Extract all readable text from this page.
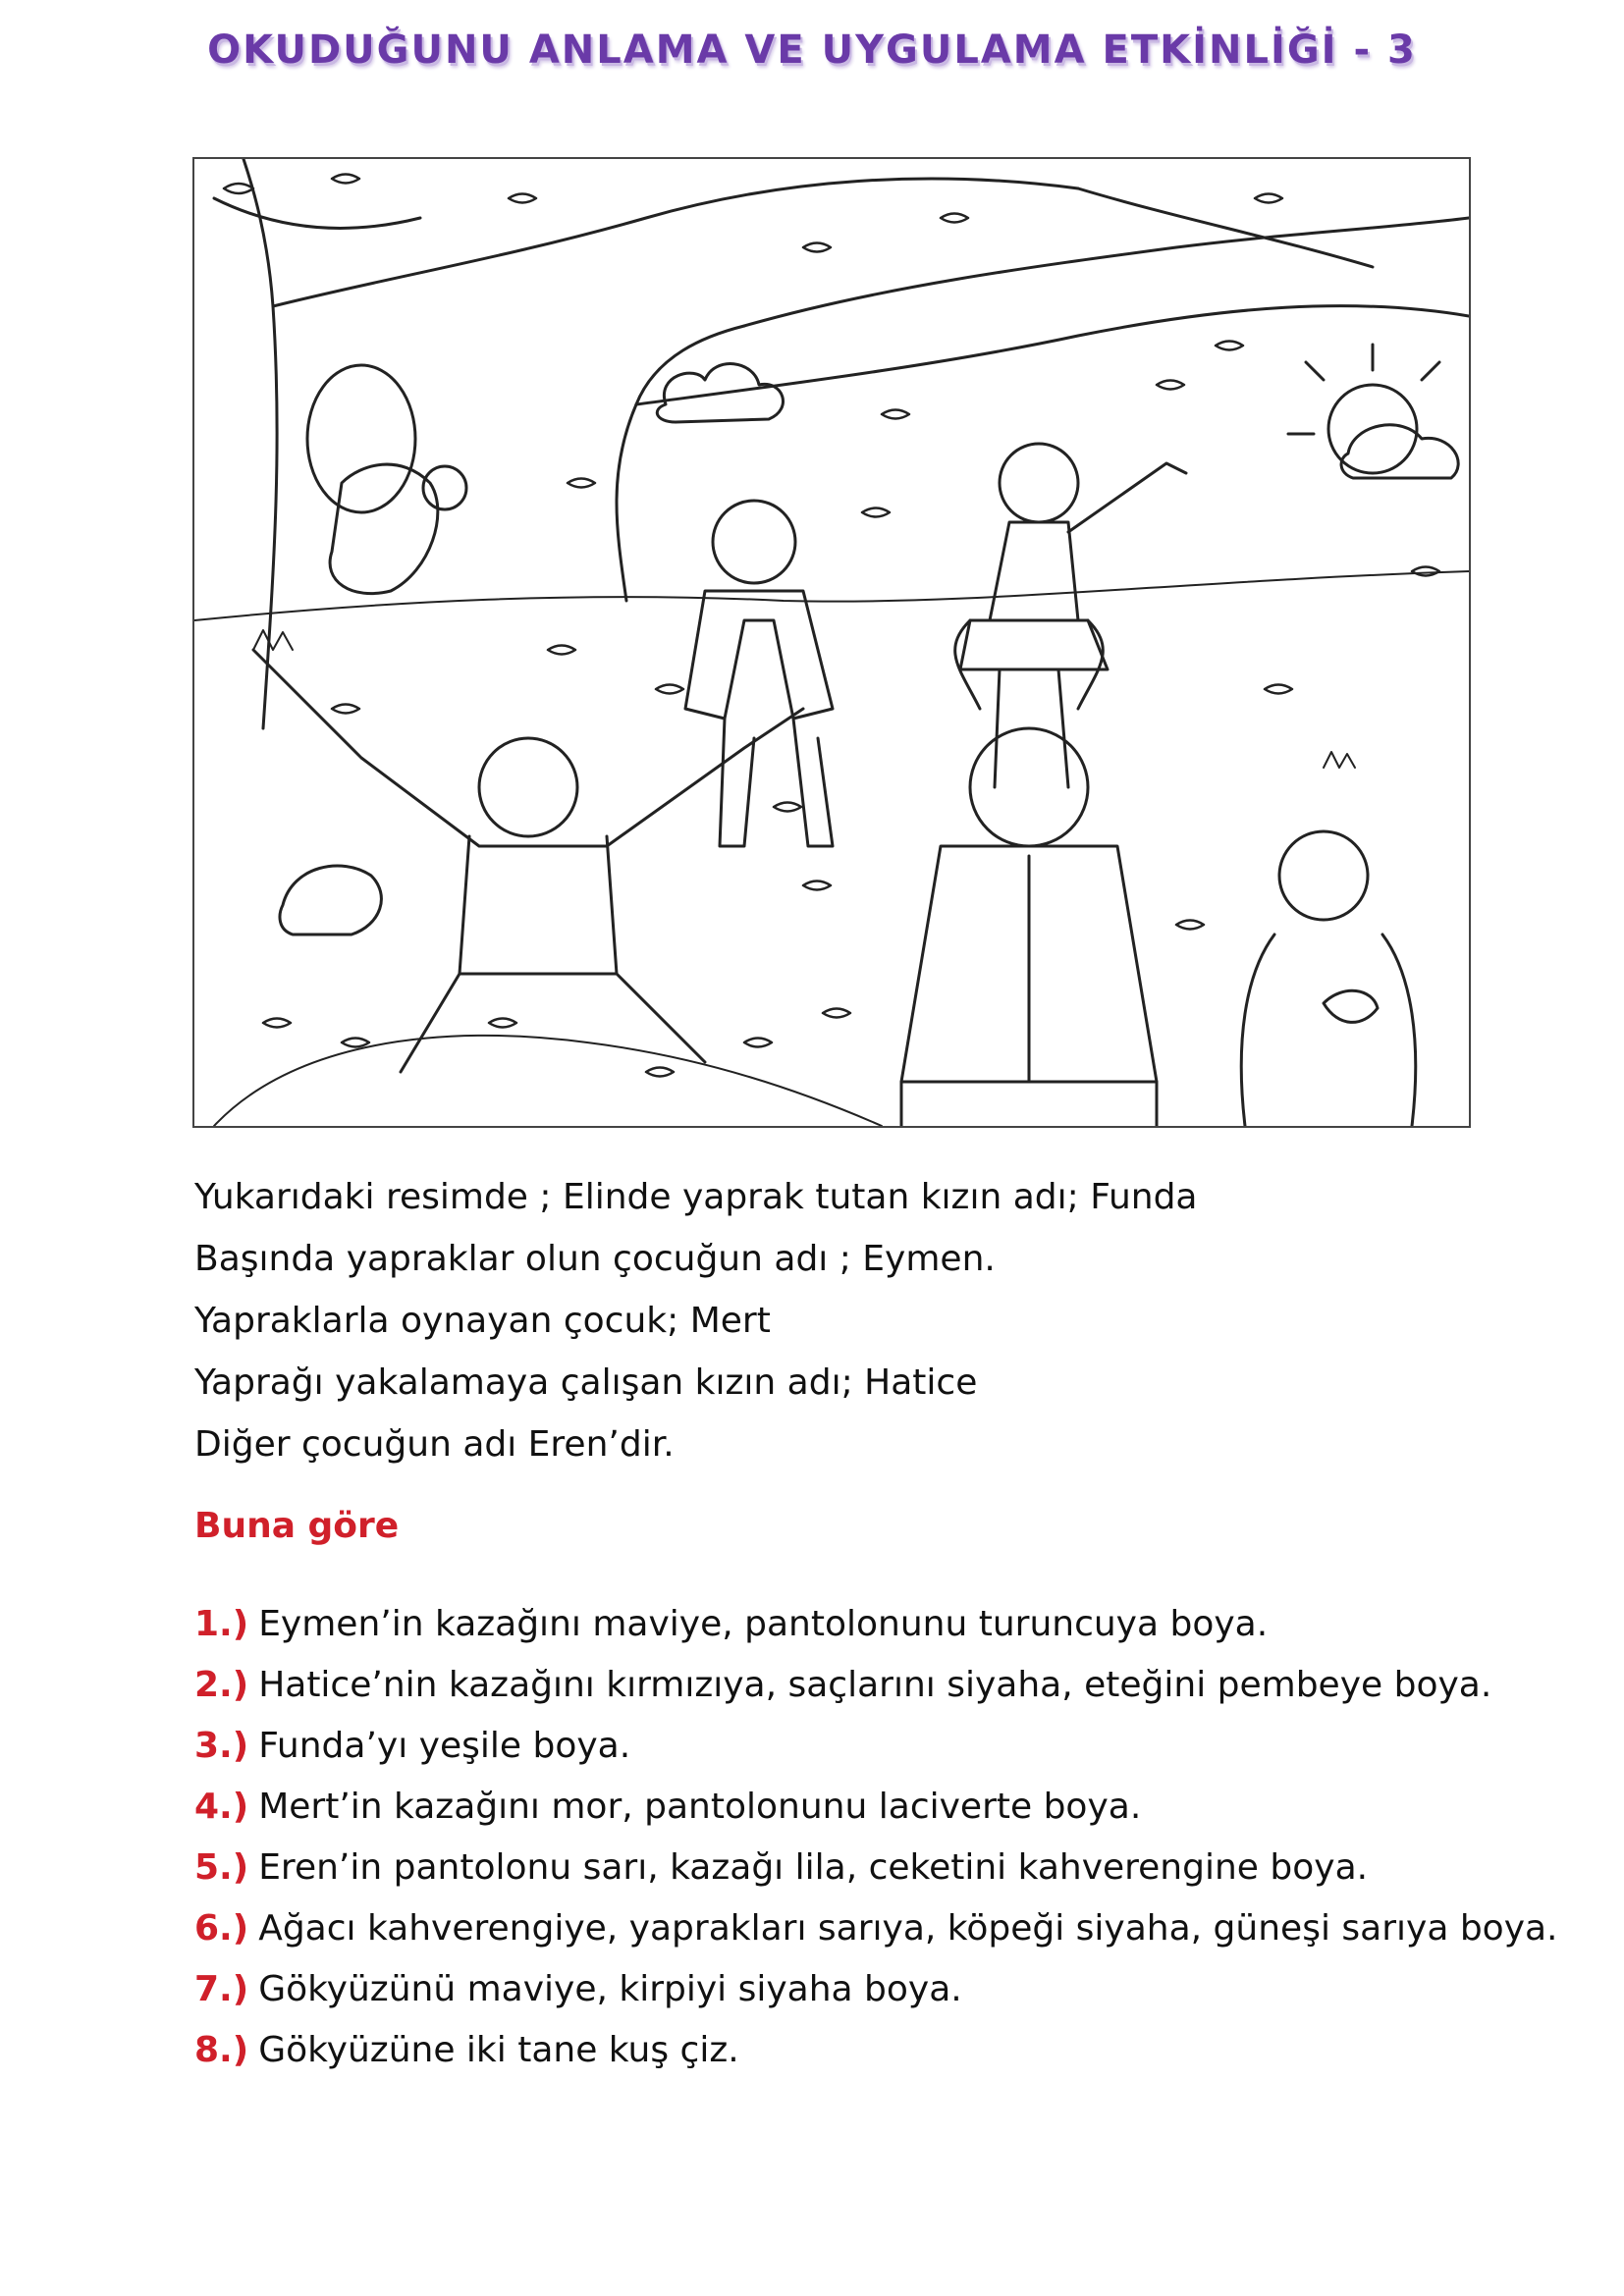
OKUDUĞUNU ANLAMA VE UYGULAMA ETKİNLİĞİ - 3
Yukarıdaki resimde ; Elinde yaprak tutan kızın adı; Funda
Başında yapraklar olun çocuğun adı ; Eymen.
Yapraklarla oynayan çocuk; Mert
Yaprağı yakalamaya çalışan kızın adı; Hatice
Diğer çocuğun adı Eren’dir.
Buna göre
1.) Eymen’in kazağını maviye, pantolonunu turuncuya boya.
2.) Hatice’nin kazağını kırmızıya, saçlarını siyaha, eteğini pembeye boya.
3.) Funda’yı yeşile boya.
4.) Mert’in kazağını mor, pantolonunu laciverte boya.
5.) Eren’in pantolonu sarı, kazağı lila, ceketini kahverengine boya.
6.) Ağacı kahverengiye, yaprakları sarıya, köpeği siyaha, güneşi sarıya boya.
7.) Gökyüzünü maviye, kirpiyi siyaha boya.
8.) Gökyüzüne iki tane kuş çiz.
